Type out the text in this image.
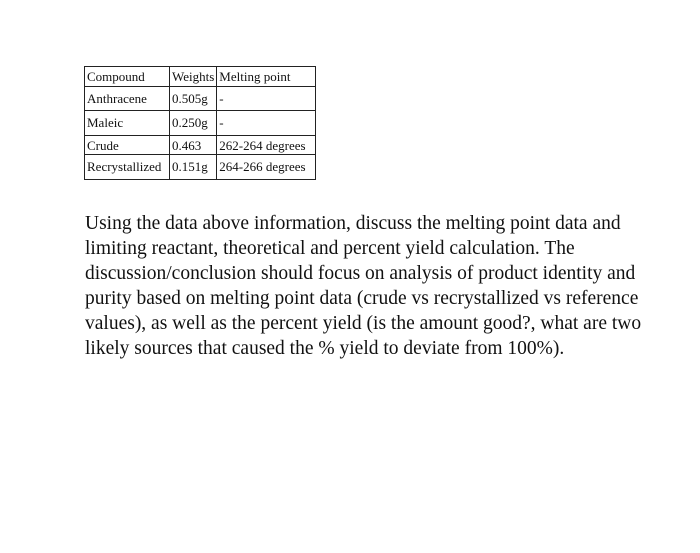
Compound	Weights	Melting point
Anthracene	0.505g	-
Maleic	0.250g	-
Crude	0.463	262-264 degrees
Recrystallized	0.151g	264-266 degrees

Using the data above information, discuss the melting point data and limiting reactant, theoretical and percent yield calculation. The discussion/conclusion should focus on analysis of product identity and purity based on melting point data (crude vs recrystallized vs reference values), as well as the percent yield (is the amount good?, what are two likely sources that caused the % yield to deviate from 100%).
